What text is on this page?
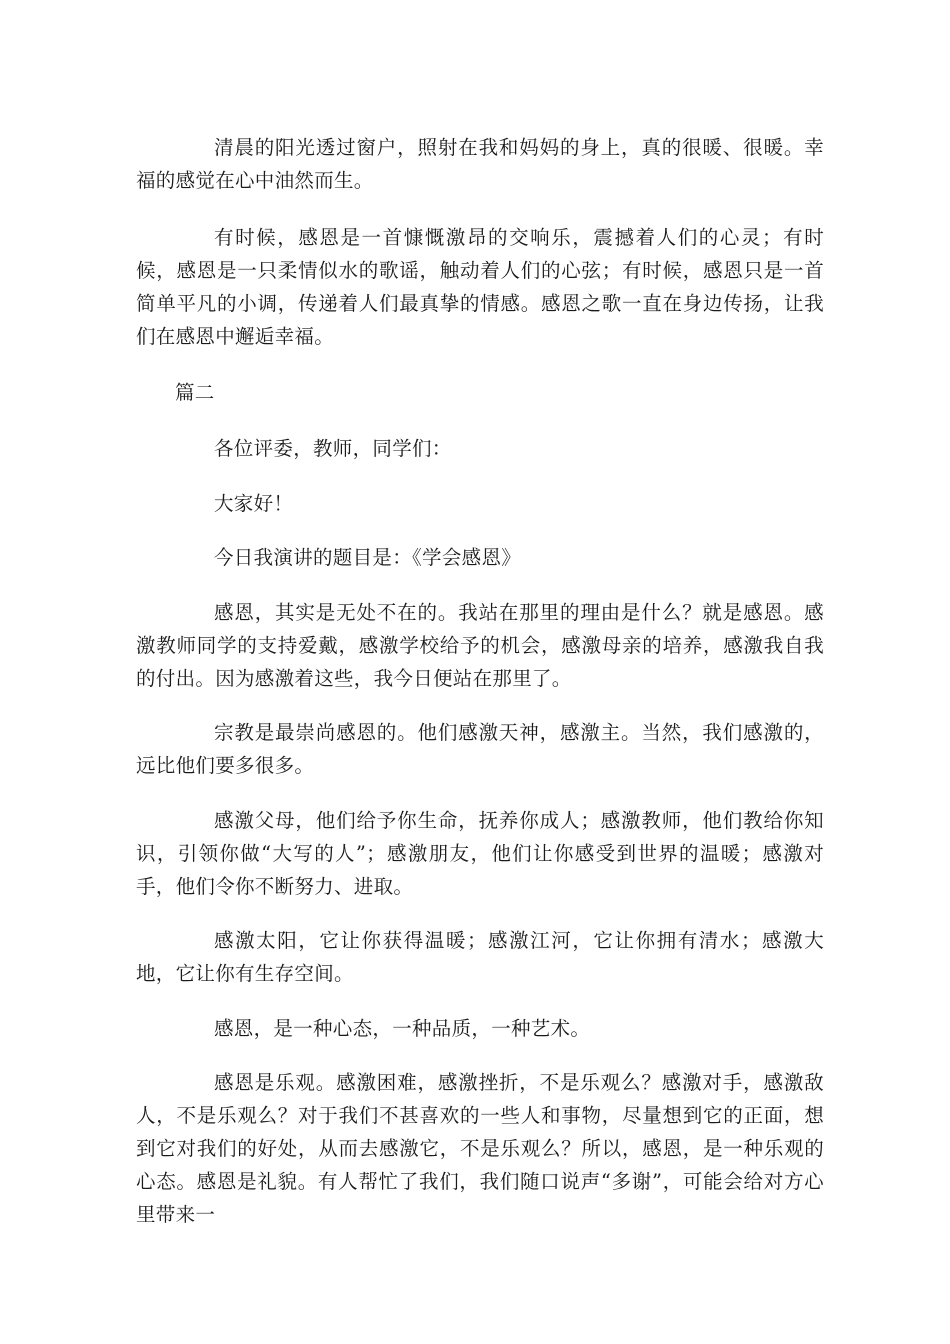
清晨的阳光透过窗户，照射在我和妈妈的身上，真的很暖、很暖。幸福的感觉在心中油然而生。

有时候，感恩是一首慷慨激昂的交响乐，震撼着人们的心灵；有时候，感恩是一只柔情似水的歌谣，触动着人们的心弦；有时候，感恩只是一首简单平凡的小调，传递着人们最真挚的情感。感恩之歌一直在身边传扬，让我们在感恩中邂逅幸福。

篇二

各位评委，教师，同学们：

大家好！

今日我演讲的题目是：《学会感恩》

感恩，其实是无处不在的。我站在那里的理由是什么？就是感恩。感激教师同学的支持爱戴，感激学校给予的机会，感激母亲的培养，感激我自我的付出。因为感激着这些，我今日便站在那里了。

宗教是最崇尚感恩的。他们感激天神，感激主。当然，我们感激的，远比他们要多很多。

感激父母，他们给予你生命，抚养你成人；感激教师，他们教给你知识，引领你做“大写的人”；感激朋友，他们让你感受到世界的温暖；感激对手，他们令你不断努力、进取。

感激太阳，它让你获得温暖；感激江河，它让你拥有清水；感激大地，它让你有生存空间。

感恩，是一种心态，一种品质，一种艺术。

感恩是乐观。感激困难，感激挫折，不是乐观么？感激对手，感激敌人，不是乐观么？对于我们不甚喜欢的一些人和事物，尽量想到它的正面，想到它对我们的好处，从而去感激它，不是乐观么？所以，感恩，是一种乐观的心态。感恩是礼貌。有人帮忙了我们，我们随口说声“多谢”，可能会给对方心里带来一
